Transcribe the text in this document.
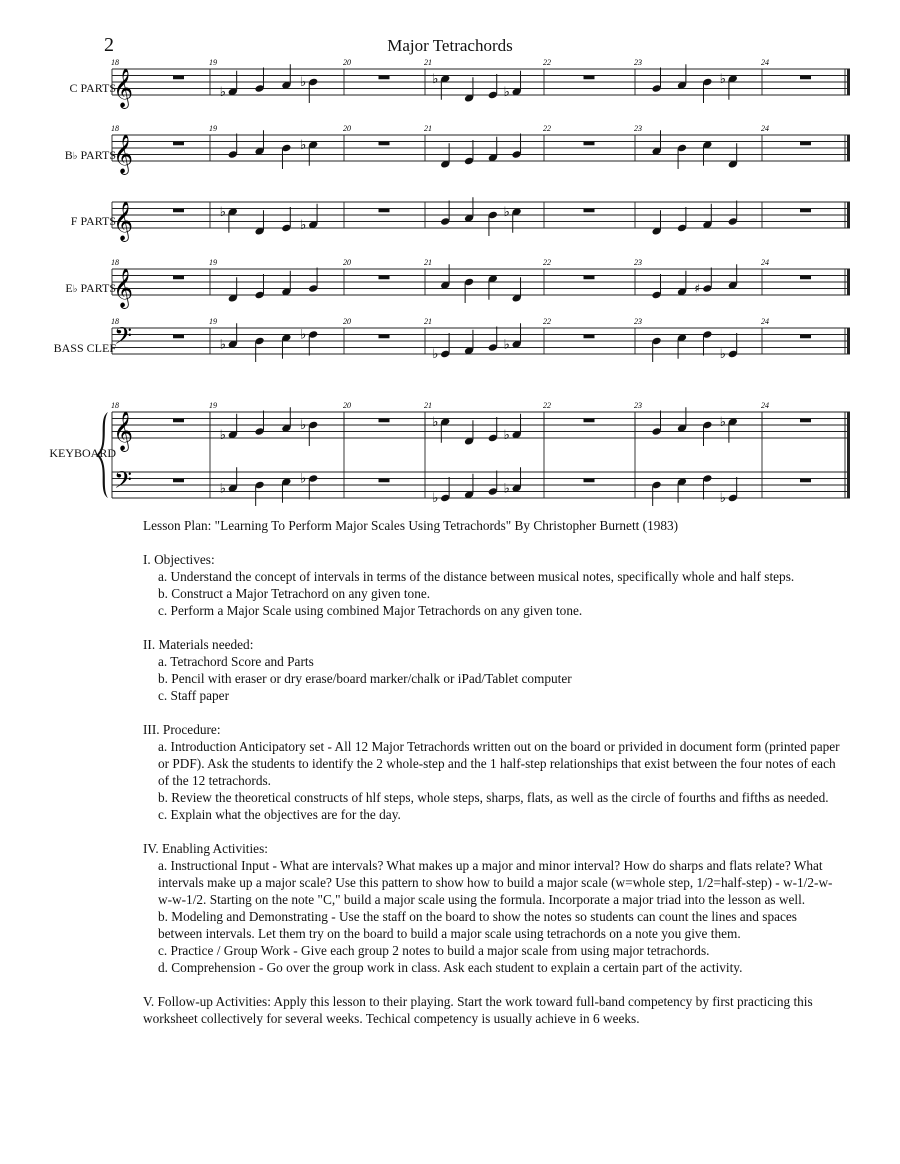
2	Major Tetrachords
𝄞
18	19	20	21	22	23	24
♭
♭	♭
♭
♭
𝄞
18	19	20	21	22	23	24
♭
𝄞	♭
♭
♭
𝄞
18	19	20	21	22	23	24
♯
𝄢
18	19	20	21	22	23	24
♭
♭
♭
♭
♭
𝄞
18	19	20	21	22	23	24
♭
♭	♭
♭
♭
𝄢	♭
♭
♭
♭
♭
C PARTS
B♭ PARTS
F PARTS
E♭ PARTS
BASS CLEF
KEYBOARD

Lesson Plan: "Learning To Perform Major Scales Using Tetrachords" By Christopher Burnett (1983)

I. Objectives:

a. Understand the concept of intervals in terms of the distance between musical notes, specifically whole and half steps.

b. Construct a Major Tetrachord on any given tone.

c. Perform a Major Scale using combined Major Tetrachords on any given tone.

II. Materials needed:

a. Tetrachord Score and Parts

b. Pencil with eraser or dry erase/board marker/chalk or iPad/Tablet computer

c. Staff paper

III. Procedure:

a. Introduction Anticipatory set - All 12 Major Tetrachords written out on the board or privided in document form (printed paper or PDF). Ask the students to identify the 2 whole-step and the 1 half-step relationships that exist between the four notes of each of the 12 tetrachords.

b. Review the theoretical constructs of hlf steps, whole steps, sharps, flats, as well as the circle of fourths and fifths as needed.

c. Explain what the objectives are for the day.

IV. Enabling Activities:

a. Instructional Input - What are intervals? What makes up a major and minor interval? How do sharps and flats relate? What intervals make up a major scale? Use this pattern to show how to build a major scale (w=whole step, 1/2=half-step) - w-1/2-w-w-w-1/2. Starting on the note "C," build a major scale using the formula. Incorporate a major triad into the lesson as well.

b. Modeling and Demonstrating - Use the staff on the board to show the notes so students can count the lines and spaces between intervals. Let them try on the board to build a major scale using tetrachords on a note you give them.

c. Practice / Group Work - Give each group 2 notes to build a major scale from using major tetrachords.

d. Comprehension - Go over the group work in class. Ask each student to explain a certain part of the activity.

V. Follow-up Activities: Apply this lesson to their playing. Start the work toward full-band competency by first practicing this worksheet collectively for several weeks. Techical competency is usually achieve in 6 weeks.
